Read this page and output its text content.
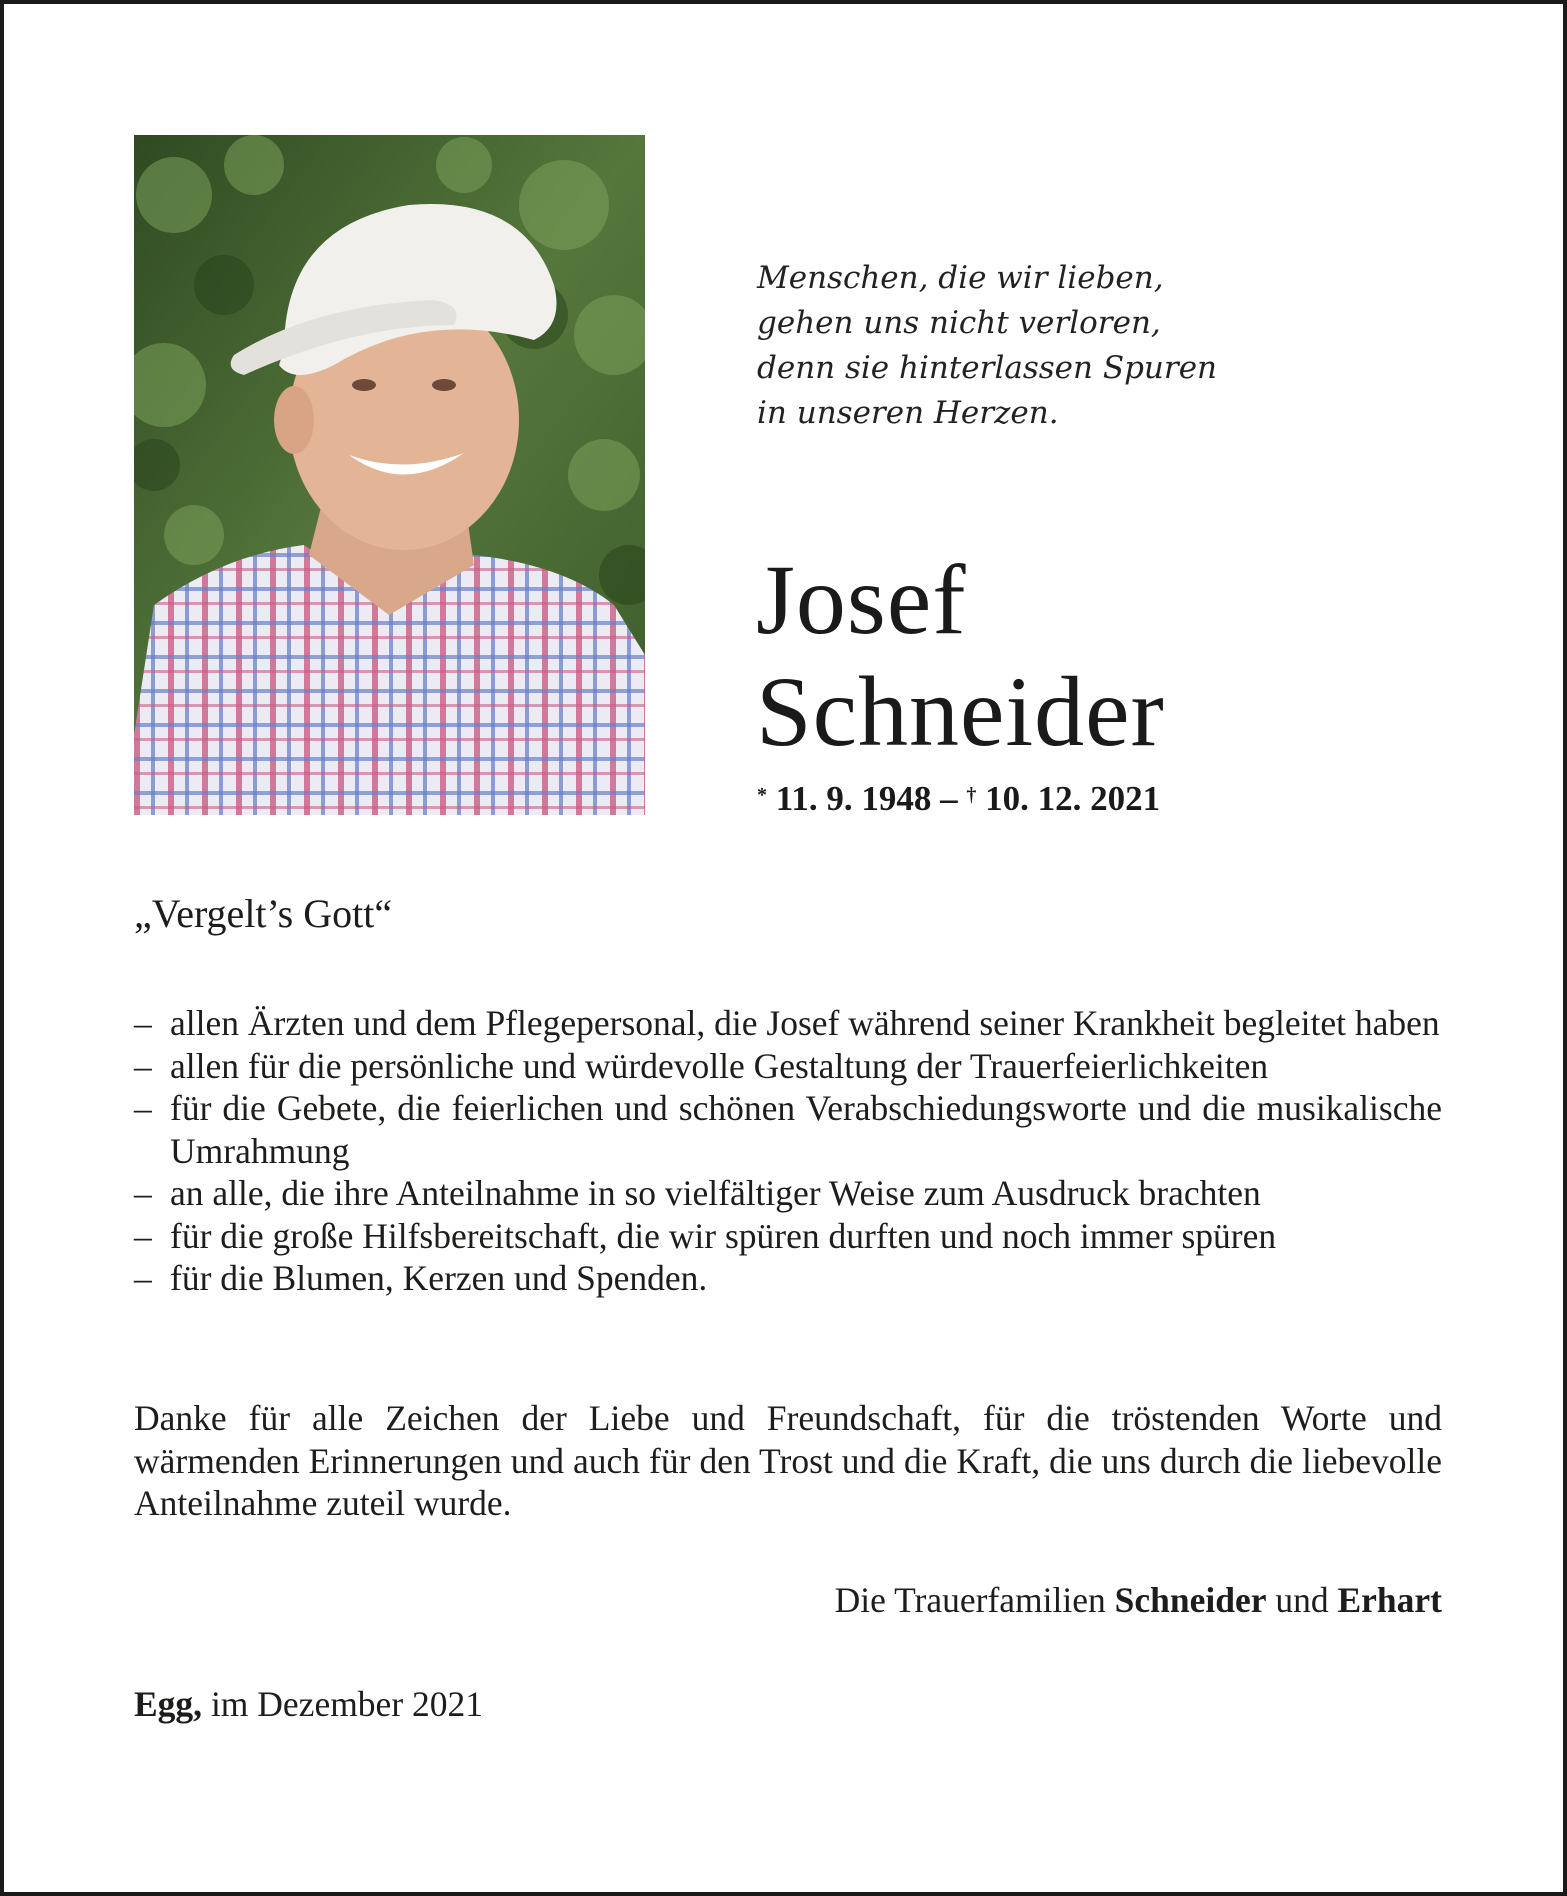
Menschen, die wir lieben,
gehen uns nicht verloren,
denn sie hinterlassen Spuren
in unseren Herzen.
Josef
Schneider
* 11. 9. 1948 – † 10. 12. 2021
„Vergelt’s Gott“
– allen Ärzten und dem Pflegepersonal, die Josef während seiner Krankheit begleitet haben
– allen für die persönliche und würdevolle Gestaltung der Trauerfeierlichkeiten
– für die Gebete, die feierlichen und schönen Verabschiedungsworte und die musikalische Umrahmung
– an alle, die ihre Anteilnahme in so vielfältiger Weise zum Ausdruck brachten
– für die große Hilfsbereitschaft, die wir spüren durften und noch immer spüren
– für die Blumen, Kerzen und Spenden.
Danke für alle Zeichen der Liebe und Freundschaft, für die tröstenden Worte und wärmenden Erinnerungen und auch für den Trost und die Kraft, die uns durch die liebevolle Anteilnahme zuteil wurde.
Die Trauerfamilien Schneider und Erhart
Egg, im Dezember 2021
